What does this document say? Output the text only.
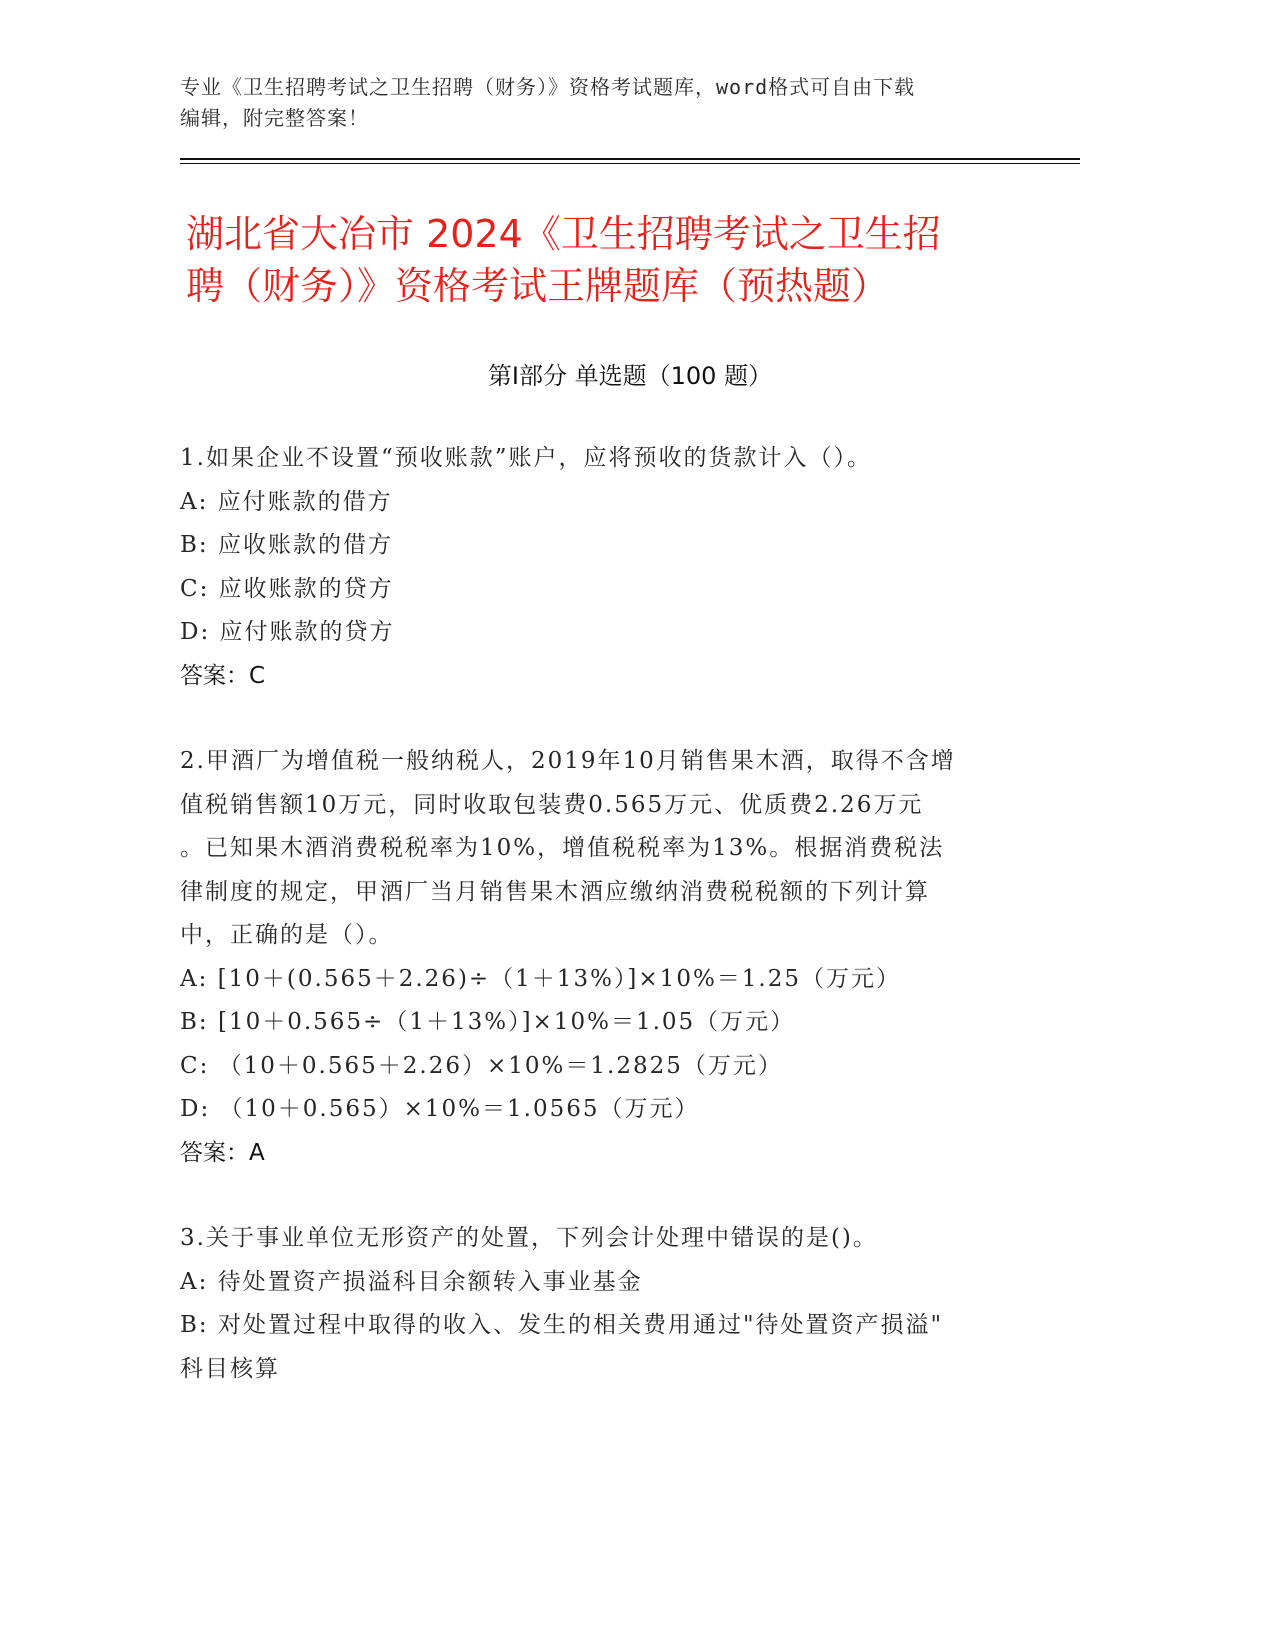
专业《卫生招聘考试之卫生招聘（财务）》资格考试题库，word格式可自由下载
编辑，附完整答案！
湖北省大冶市 2024《卫生招聘考试之卫生招
聘（财务）》资格考试王牌题库（预热题）
第Ⅰ部分 单选题（100 题）
1.如果企业不设置“预收账款”账户，应将预收的货款计入（）。
A: 应付账款的借方
B: 应收账款的借方
C: 应收账款的贷方
D: 应付账款的贷方
答案：C
2.甲酒厂为增值税一般纳税人，2019年10月销售果木酒，取得不含增
值税销售额10万元，同时收取包装费0.565万元、优质费2.26万元
。已知果木酒消费税税率为10%，增值税税率为13%。根据消费税法
律制度的规定，甲酒厂当月销售果木酒应缴纳消费税税额的下列计算
中，正确的是（）。
A: [10＋(0.565＋2.26)÷（1＋13%）]×10%＝1.25（万元）
B: [10＋0.565÷（1＋13%）]×10%＝1.05（万元）
C: （10＋0.565＋2.26）×10%＝1.2825（万元）
D: （10＋0.565）×10%＝1.0565（万元）
答案：A
3.关于事业单位无形资产的处置，下列会计处理中错误的是()。
A: 待处置资产损溢科目余额转入事业基金
B: 对处置过程中取得的收入、发生的相关费用通过"待处置资产损溢"
科目核算
